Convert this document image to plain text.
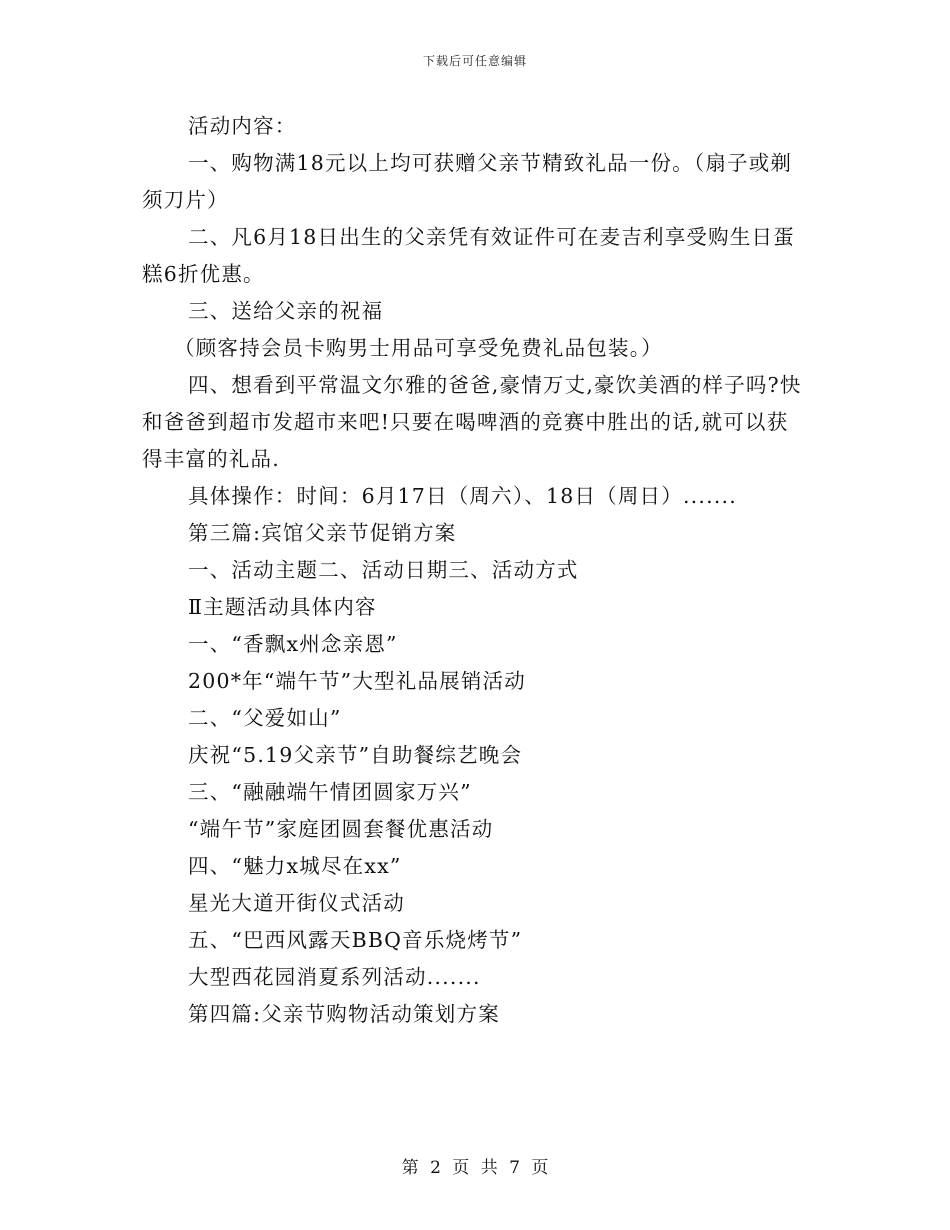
下载后可任意编辑

活动内容：

一、购物满18元以上均可获赠父亲节精致礼品一份。（扇子或剃须刀片）

二、凡6月18日出生的父亲凭有效证件可在麦吉利享受购生日蛋糕6折优惠。

三、送给父亲的祝福

（顾客持会员卡购男士用品可享受免费礼品包装。）

四、想看到平常温文尔雅的爸爸,豪情万丈,豪饮美酒的样子吗?快和爸爸到超市发超市来吧!只要在喝啤酒的竞赛中胜出的话,就可以获得丰富的礼品.

具体操作：时间：6月17日（周六）、18日（周日）.......

第三篇:宾馆父亲节促销方案

一、活动主题二、活动日期三、活动方式

Ⅱ主题活动具体内容

一、“香飘x州念亲恩”

200*年“端午节”大型礼品展销活动

二、“父爱如山”

庆祝“5.19父亲节”自助餐综艺晚会

三、“融融端午情团圆家万兴”

“端午节”家庭团圆套餐优惠活动

四、“魅力x城尽在xx”

星光大道开街仪式活动

五、“巴西风露天BBQ音乐烧烤节”

大型西花园消夏系列活动.......

第四篇:父亲节购物活动策划方案

第 2 页 共 7 页
